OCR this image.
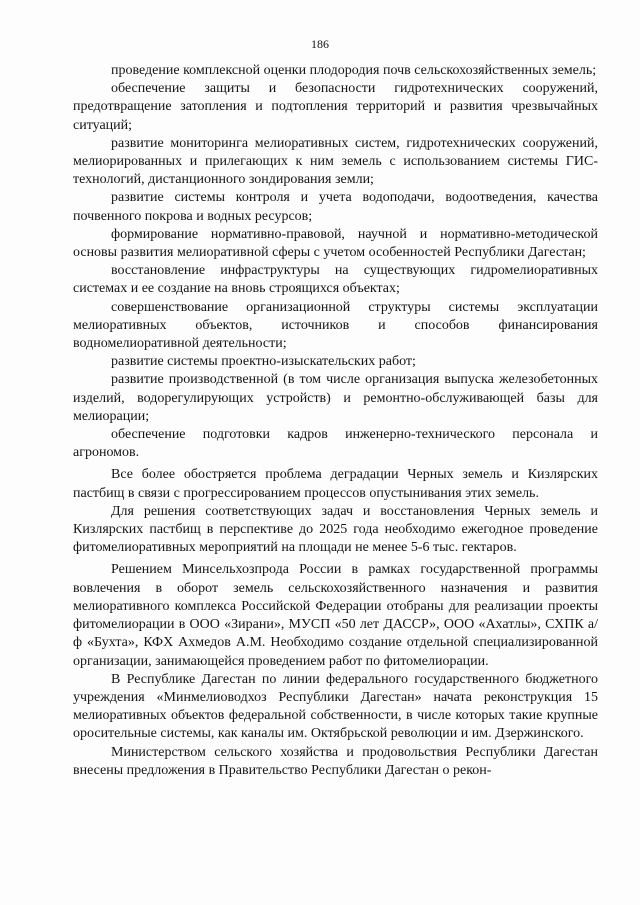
186

проведение комплексной оценки плодородия почв сельскохозяйственных земель;

обеспечение защиты и безопасности гидротехнических сооружений, предотвращение затопления и подтопления территорий и развития чрезвычайных ситуаций;

развитие мониторинга мелиоративных систем, гидротехнических сооружений, мелиорированных и прилегающих к ним земель с использованием системы ГИС-технологий, дистанционного зондирования земли;

развитие системы контроля и учета водоподачи, водоотведения, качества почвенного покрова и водных ресурсов;

формирование нормативно-правовой, научной и нормативно-методической основы развития мелиоративной сферы с учетом особенностей Республики Дагестан;

восстановление инфраструктуры на существующих гидромелиоративных системах и ее создание на вновь строящихся объектах;

совершенствование организационной структуры системы эксплуатации мелиоративных объектов, источников и способов финансирования водномелиоративной деятельности;

развитие системы проектно-изыскательских работ;

развитие производственной (в том числе организация выпуска железобетонных изделий, водорегулирующих устройств) и ремонтно-обслуживающей базы для мелиорации;

обеспечение подготовки кадров инженерно-технического персонала и агрономов.

Все более обостряется проблема деградации Черных земель и Кизлярских пастбищ в связи с прогрессированием процессов опустынивания этих земель.

Для решения соответствующих задач и восстановления Черных земель и Кизлярских пастбищ в перспективе до 2025 года необходимо ежегодное проведение фитомелиоративных мероприятий на площади не менее 5-6 тыс. гектаров.

Решением Минсельхозпрода России в рамках государственной программы вовлечения в оборот земель сельскохозяйственного назначения и развития мелиоративного комплекса Российской Федерации отобраны для реализации проекты фитомелиорации в ООО «Зирани», МУСП «50 лет ДАССР», ООО «Ахатлы», СХПК а/ф «Бухта», КФХ Ахмедов А.М. Необходимо создание отдельной специализированной организации, занимающейся проведением работ по фитомелиорации.

В Республике Дагестан по линии федерального государственного бюджетного учреждения «Минмелиоводхоз Республики Дагестан» начата реконструкция 15 мелиоративных объектов федеральной собственности, в числе которых такие крупные оросительные системы, как каналы им. Октябрьской революции и им. Дзержинского.

Министерством сельского хозяйства и продовольствия Республики Дагестан внесены предложения в Правительство Республики Дагестан о рекон-
